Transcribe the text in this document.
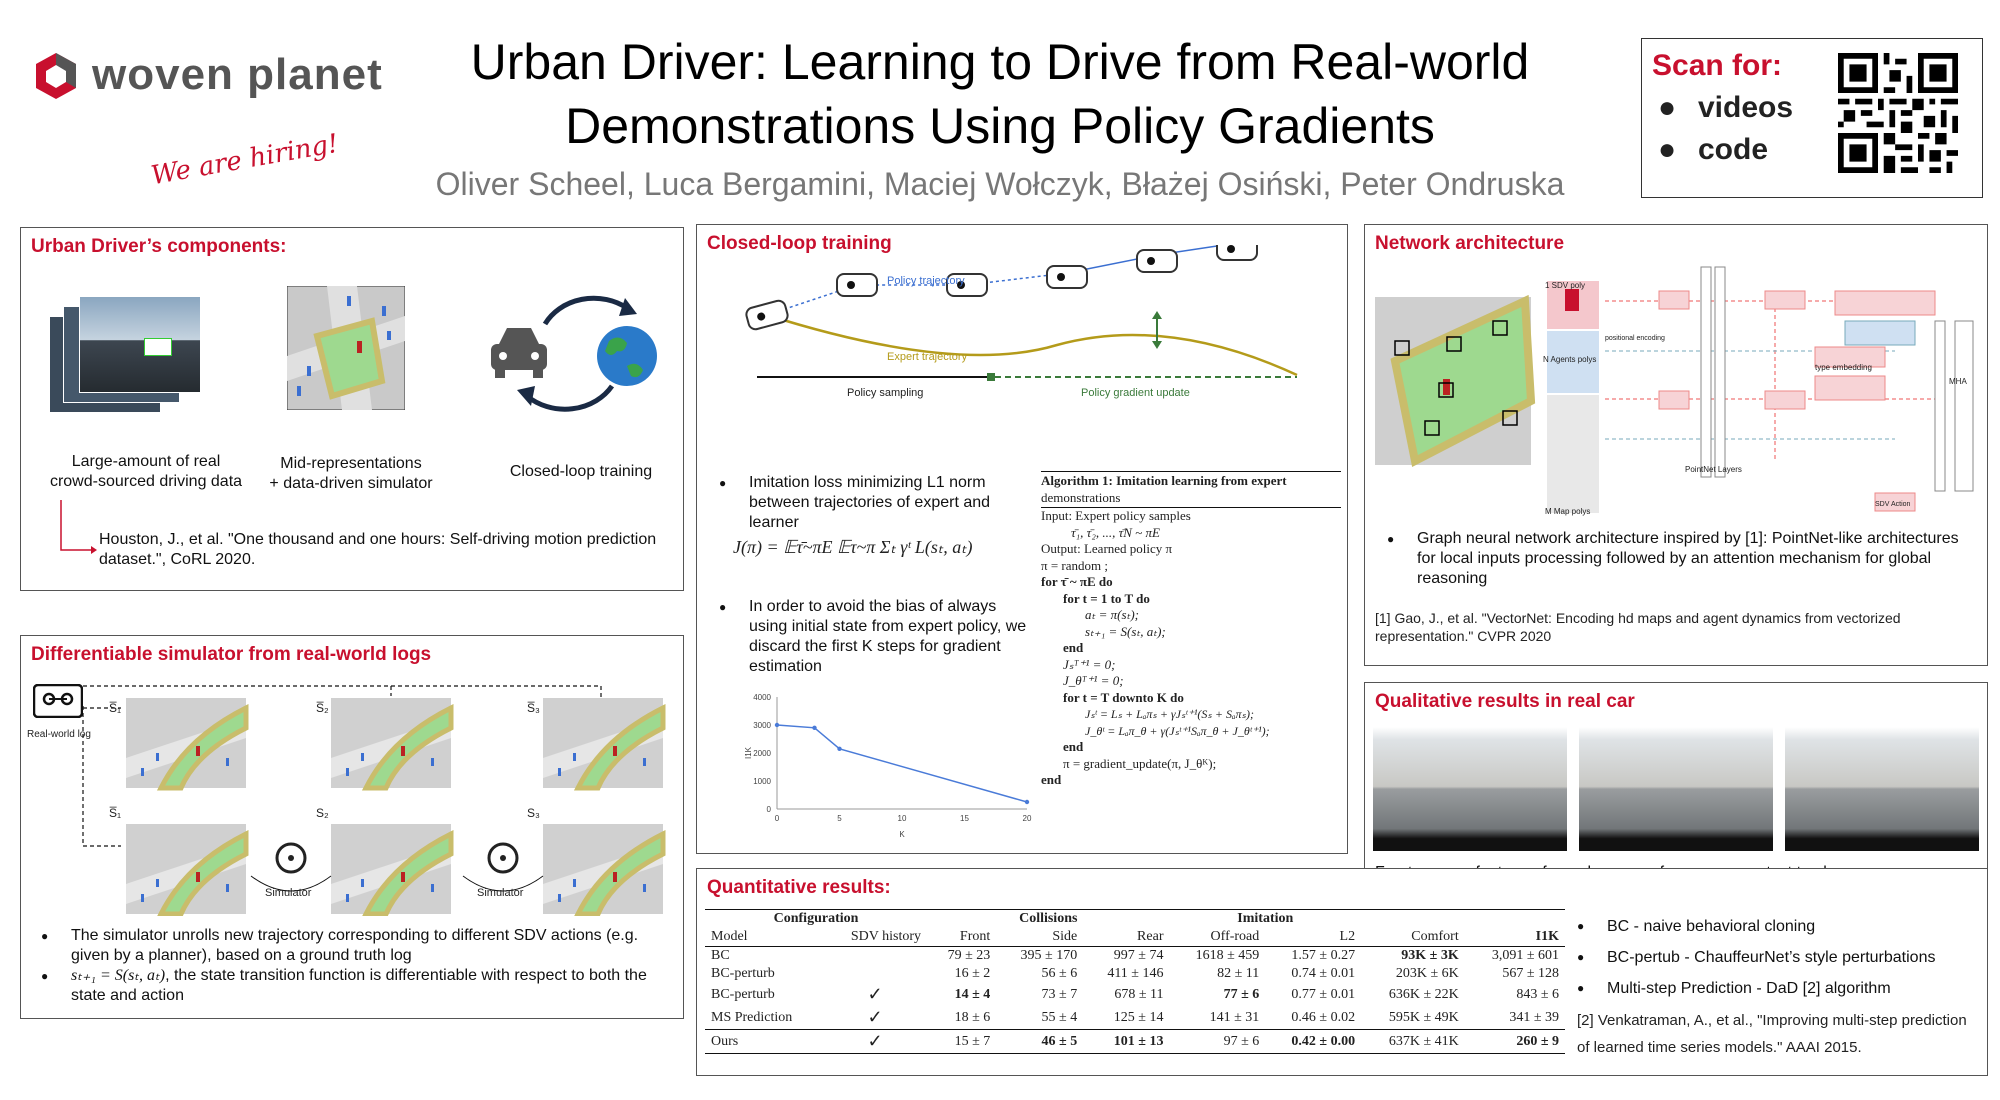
woven planet
We are hiring!
Urban Driver: Learning to Drive from Real-world
Demonstrations Using Policy Gradients
Oliver Scheel, Luca Bergamini, Maciej Wołczyk, Błażej Osiński, Peter Ondruska
Scan for:
● videos
● code
Urban Driver’s components:
Large-amount of real
crowd-sourced driving data
Mid-representations
+ data-driven simulator
Closed-loop training
Houston, J., et al. "One thousand and one hours: Self-driving motion prediction dataset.", CoRL 2020.
Differentiable simulator from real-world logs
Real-world log
S̅₁	S̅₂	S̅₃
S̅₁	S₂	S₃
Simulator	Simulator
● The simulator unrolls new trajectory corresponding to different SDV actions (e.g. given by a planner), based on a ground truth log
● sₜ₊₁ = S(sₜ, aₜ), the state transition function is differentiable with respect to both the state and action
Closed-loop training
Policy trajectory
Expert trajectory
Policy sampling	Policy gradient update
● Imitation loss minimizing L1 norm between trajectories of expert and learner
J(π) = 𝔼τ̄~πE 𝔼τ~π Σₜ γᵗ L(sₜ, aₜ)
● In order to avoid the bias of always using initial state from expert policy, we discard the first K steps for gradient estimation
0
1000
2000
3000
4000
0	5	10	15	20
K
I1K
Algorithm 1: Imitation learning from expert
demonstrations
Input: Expert policy samples
τ̄₁, τ̄₂, ..., τ̄N ~ πE
Output: Learned policy π
π = random ;
for τ̄ ~ πE do
for t = 1 to T do
aₜ = π(sₜ);
sₜ₊₁ = S(sₜ, aₜ);
end
Jₛᵀ⁺¹ = 0;
J_θᵀ⁺¹ = 0;
for t = T downto K do
Jₛᵗ = Lₛ + Lₐπₛ + γJₛᵗ⁺¹(Sₛ + Sₐπₛ);
J_θᵗ = Lₐπ_θ + γ(Jₛᵗ⁺¹Sₐπ_θ + J_θᵗ⁺¹);
end
π = gradient_update(π, J_θᴷ);
end
Network architecture
1 SDV poly
N Agents polys
M Map polys
PointNet Layers
MHA
SDV Action
type embedding
positional encoding
● Graph neural network architecture inspired by [1]: PointNet-like architectures for local inputs processing followed by an attention mechanism for global reasoning
[1] Gao, J., et al. "VectorNet: Encoding hd maps and agent dynamics from vectorized representation." CVPR 2020
Qualitative results in real car
Quantitative results:
Configuration		Collisions			Imitation			
Model	SDV history	Front	Side	Rear	Off-road	L2	Comfort	I1K
BC		79 ± 23	395 ± 170	997 ± 74	1618 ± 459	1.57 ± 0.27	93K ± 3K	3,091 ± 601
BC-perturb		16 ± 2	56 ± 6	411 ± 146	82 ± 11	0.74 ± 0.01	203K ± 6K	567 ± 128
BC-perturb	✓	14 ± 4	73 ± 7	678 ± 11	77 ± 6	0.77 ± 0.01	636K ± 22K	843 ± 6
MS Prediction	✓	18 ± 6	55 ± 4	125 ± 14	141 ± 31	0.46 ± 0.02	595K ± 49K	341 ± 39
Ours	✓	15 ± 7	46 ± 5	101 ± 13	97 ± 6	0.42 ± 0.00	637K ± 41K	260 ± 9
● BC - naive behavioral cloning
● BC-pertub - ChauffeurNet’s style perturbations
● Multi-step Prediction - DaD [2] algorithm
[2] Venkatraman, A., et al., "Improving multi-step prediction of learned time series models." AAAI 2015.
